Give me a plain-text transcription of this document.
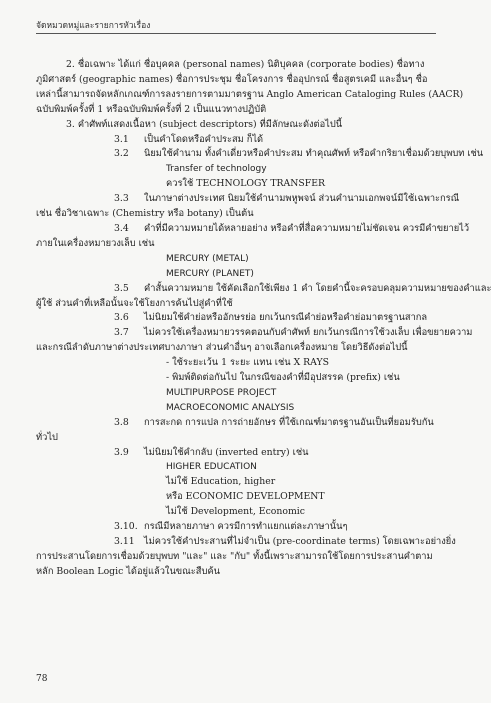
จัดหมวดหมู่และรายการหัวเรื่อง
2. ชื่อเฉพาะ ได้แก่ ชื่อบุคคล (personal names) นิติบุคคล (corporate bodies) ชื่อทาง
ภูมิศาสตร์ (geographic names) ชื่อการประชุม ชื่อโครงการ ชื่ออุปกรณ์ ชื่อสูตรเคมี และอื่นๆ ชื่อ
เหล่านี้สามารถจัดหลักเกณฑ์การลงรายการตามมาตรฐาน Anglo American Cataloging Rules (AACR)
ฉบับพิมพ์ครั้งที่ 1 หรือฉบับพิมพ์ครั้งที่ 2 เป็นแนวทางปฏิบัติ
3. คำศัพท์แสดงเนื้อหา (subject descriptors) ที่มีลักษณะดังต่อไปนี้
3.1 เป็นคำโดดหรือคำประสม ก็ได้
3.2 นิยมใช้คำนาม ทั้งคำเดี่ยวหรือคำประสม ทำคุณศัพท์ หรือคำกริยาเชื่อมด้วยบุพบท เช่น
Transfer of technology
ควรใช้ TECHNOLOGY TRANSFER
3.3 ในภาษาต่างประเทศ นิยมใช้คำนามพหูพจน์ ส่วนคำนามเอกพจน์มีใช้เฉพาะกรณี
เช่น ชื่อวิชาเฉพาะ (Chemistry หรือ botany) เป็นต้น
3.4 คำที่มีความหมายได้หลายอย่าง หรือคำที่สื่อความหมายไม่ชัดเจน ควรมีคำขยายไว้
ภายในเครื่องหมายวงเล็บ เช่น
MERCURY (METAL)
MERCURY (PLANET)
3.5 คำสั้นความหมาย ใช้คัดเลือกใช้เพียง 1 คำ โดยคำนี้จะครอบคลุมความหมายของคำและ
ผู้ใช้ ส่วนคำที่เหลือนั้นจะใช้โยงการค้นไปสู่คำที่ใช้
3.6 ไม่นิยมใช้คำย่อหรืออักษรย่อ ยกเว้นกรณีคำย่อหรือคำย่อมาตรฐานสากล
3.7 ไม่ควรใช้เครื่องหมายวรรคตอนกับคำศัพท์ ยกเว้นกรณีการใช้วงเล็บ เพื่อขยายความ
และกรณีลำดับภาษาต่างประเทศบางภาษา ส่วนคำอื่นๆ อาจเลือกเครื่องหมาย โดยวิธีดังต่อไปนี้
- ใช้ระยะเว้น 1 ระยะ แทน เช่น X RAYS
- พิมพ์ติดต่อกันไป ในกรณีของคำที่มีอุปสรรค (prefix) เช่น
MULTIPURPOSE PROJECT
MACROECONOMIC ANALYSIS
3.8 การสะกด การแปล การถ่ายอักษร ที่ใช้เกณฑ์มาตรฐานอันเป็นที่ยอมรับกัน
ทั่วไป
3.9 ไม่นิยมใช้คำกลับ (inverted entry) เช่น
HIGHER EDUCATION
ไม่ใช้ Education, higher
หรือ ECONOMIC DEVELOPMENT
ไม่ใช้ Development, Economic
3.10. กรณีมีหลายภาษา ควรมีการทำแยกแต่ละภาษานั้นๆ
3.11 ไม่ควรใช้คำประสานที่ไม่จำเป็น (pre-coordinate terms) โดยเฉพาะอย่างยิ่ง
การประสานโดยการเชื่อมด้วยบุพบท "และ" และ "กับ" ทั้งนี้เพราะสามารถใช้โดยการประสานคำตาม
หลัก Boolean Logic ได้อยู่แล้วในขณะสืบค้น
78
